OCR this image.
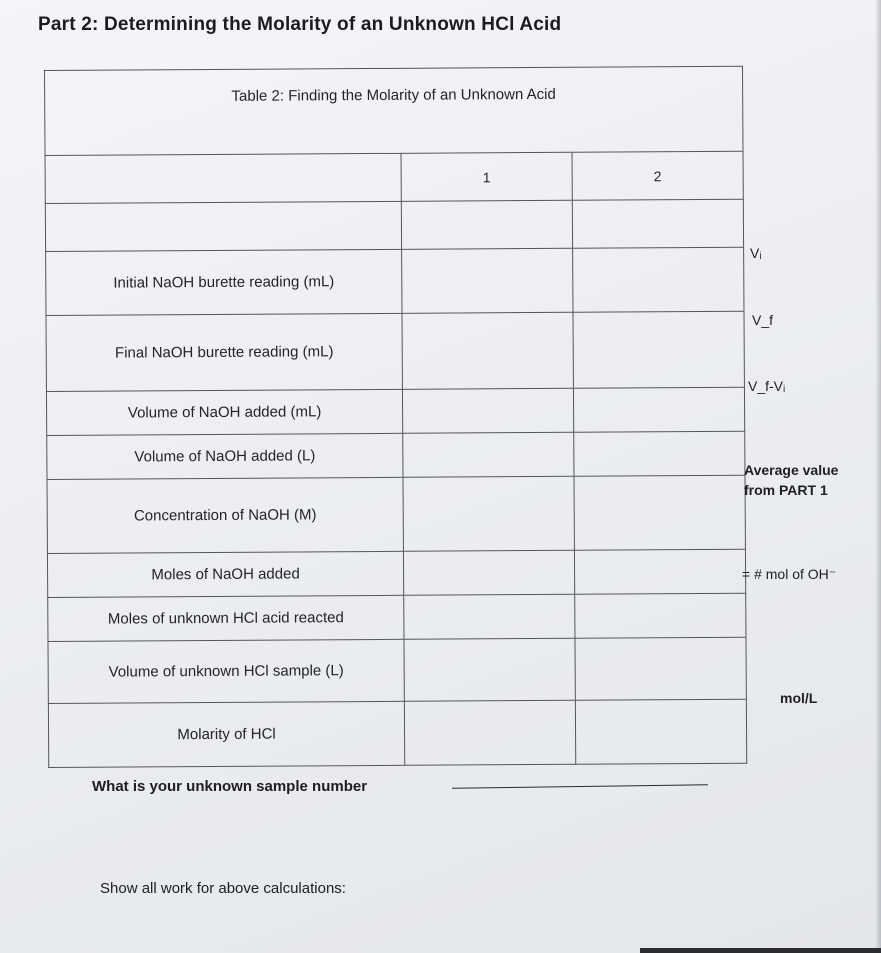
Part 2: Determining the Molarity of an Unknown HCl Acid
Table 2: Finding the Molarity of an Unknown Acid		
	1	2

Initial NaOH burette reading (mL)		
Final NaOH burette reading (mL)		
Volume of NaOH added (mL)		
Volume of NaOH added (L)		
Concentration of NaOH (M)		
Moles of NaOH added		
Moles of unknown HCl acid reacted		
Volume of unknown HCl sample (L)		
Molarity of HCl		
Vᵢ
V_f
V_f-Vᵢ
Average value
from PART 1
= # mol of OH⁻
mol/L
What is your unknown sample number
Show all work for above calculations:
